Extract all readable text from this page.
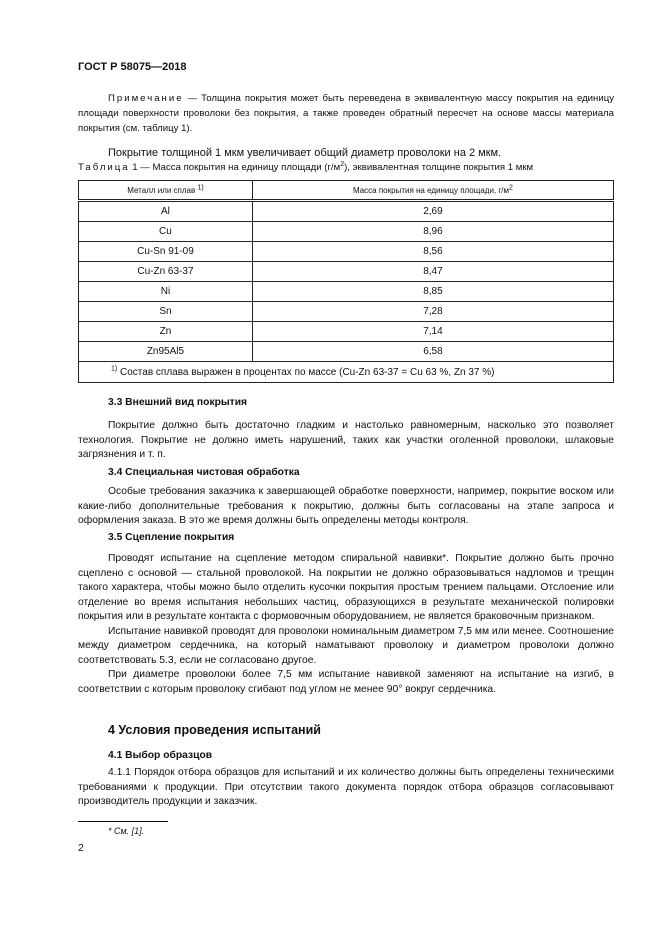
ГОСТ Р 58075—2018

Примечание — Толщина покрытия может быть переведена в эквивалентную массу покрытия на единицу площади поверхности проволоки без покрытия, а также проведен обратный пересчет на основе массы материала покрытия (см. таблицу 1).

Покрытие толщиной 1 мкм увеличивает общий диаметр проволоки на 2 мкм.

Таблица 1 — Масса покрытия на единицу площади $(г/м^2)$, эквивалентная толщине покрытия 1 мкм
Металл или сплав $^{1)}$	Масса покрытия на единицу площади, $г/м^2$
Al	2,69
Cu	8,96
Cu-Sn 91-09	8,56
Cu-Zn 63-37	8,47
Ni	8,85
Sn	7,28
Zn	7,14
Zn95Al5	6,58
$^{1)}$ Состав сплава выражен в процентах по массе (Cu-Zn 63-37 = Cu 63 %, Zn 37 %)	
3.3 Внешний вид покрытия

Покрытие должно быть достаточно гладким и настолько равномерным, насколько это позволяет технология. Покрытие не должно иметь нарушений, таких как участки оголенной проволоки, шлаковые загрязнения и т. п.

3.4 Специальная чистовая обработка

Особые требования заказчика к завершающей обработке поверхности, например, покрытие воском или какие-либо дополнительные требования к покрытию, должны быть согласованы на этапе запроса и оформления заказа. В это же время должны быть определены методы контроля.

3.5 Сцепление покрытия

Проводят испытание на сцепление методом спиральной навивки*. Покрытие должно быть прочно сцеплено с основой — стальной проволокой. На покрытии не должно образовываться надломов и трещин такого характера, чтобы можно было отделить кусочки покрытия простым трением пальцами. Отслоение или отделение во время испытания небольших частиц, образующихся в результате механической полировки покрытия или в результате контакта с формовочным оборудованием, не является браковочным признаком.

Испытание навивкой проводят для проволоки номинальным диаметром 7,5 мм или менее. Соотношение между диаметром сердечника, на который наматывают проволоку и диаметром проволоки должно соответствовать 5.3, если не согласовано другое.

При диаметре проволоки более 7,5 мм испытание навивкой заменяют на испытание на изгиб, в соответствии с которым проволоку сгибают под углом не менее 90° вокруг сердечника.

4 Условия проведения испытаний
4.1 Выбор образцов

4.1.1 Порядок отбора образцов для испытаний и их количество должны быть определены техническими требованиями к продукции. При отсутствии такого документа порядок отбора образцов согласовывают производитель продукции и заказчик.

* См. [1].
2
